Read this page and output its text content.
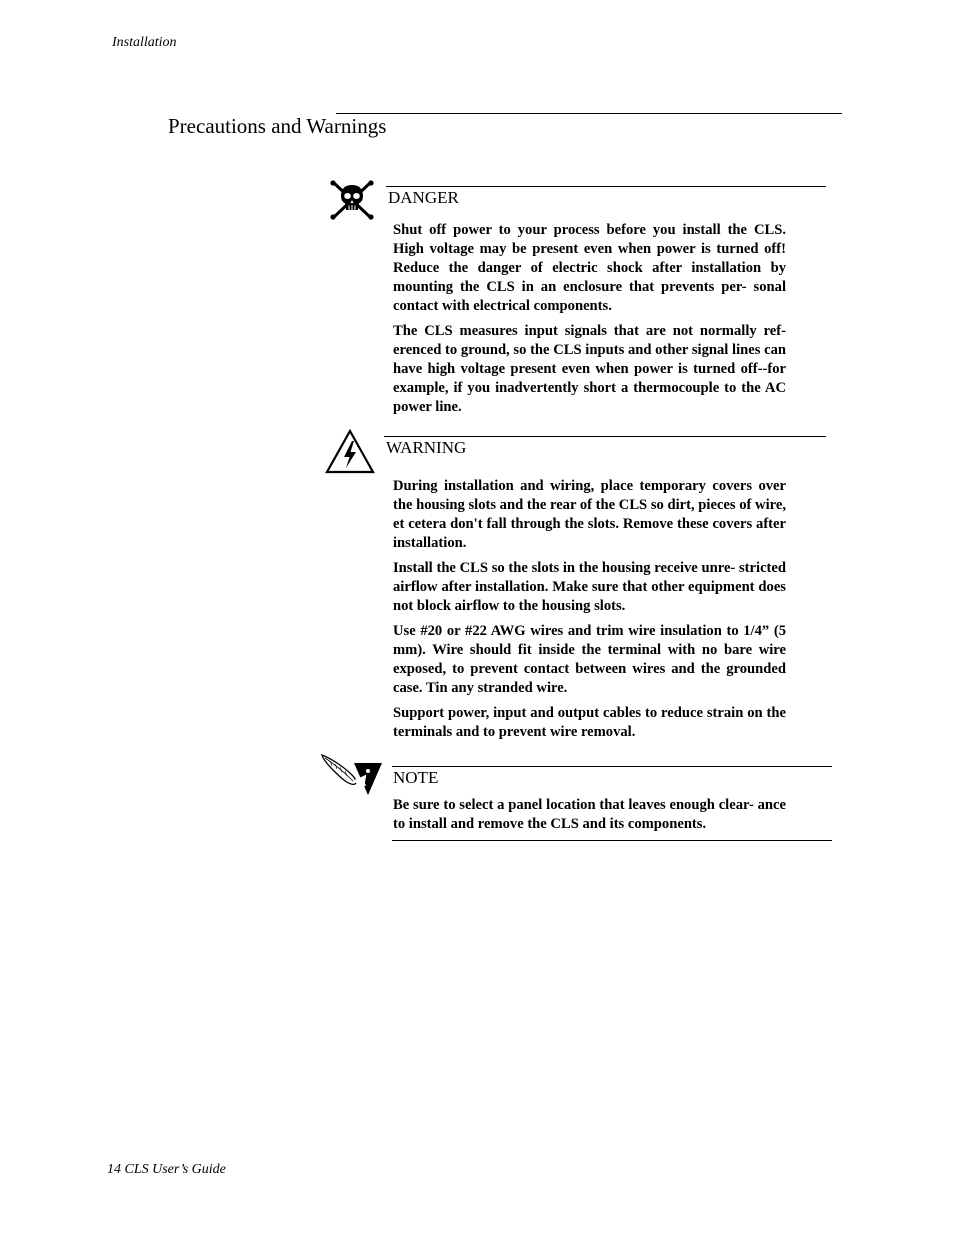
Installation
Precautions and Warnings
DANGER

Shut off power to your process before you install the CLS. High voltage may be present even when power is turned off! Reduce the danger of electric shock after installation by mounting the CLS in an enclosure that prevents per- sonal contact with electrical components.

The CLS measures input signals that are not normally ref- erenced to ground, so the CLS inputs and other signal lines can have high voltage present even when power is turned off--for example, if you inadvertently short a thermocouple to the AC power line.

WARNING

During installation and wiring, place temporary covers over the housing slots and the rear of the CLS so dirt, pieces of wire, et cetera don't fall through the slots. Remove these covers after installation.

Install the CLS so the slots in the housing receive unre- stricted airflow after installation. Make sure that other equipment does not block airflow to the housing slots.

Use #20 or #22 AWG wires and trim wire insulation to 1/4” (5 mm). Wire should fit inside the terminal with no bare wire exposed, to prevent contact between wires and the grounded case. Tin any stranded wire.

Support power, input and output cables to reduce strain on the terminals and to prevent wire removal.

NOTE

Be sure to select a panel location that leaves enough clear- ance to install and remove the CLS and its components.

14 CLS User’s Guide
